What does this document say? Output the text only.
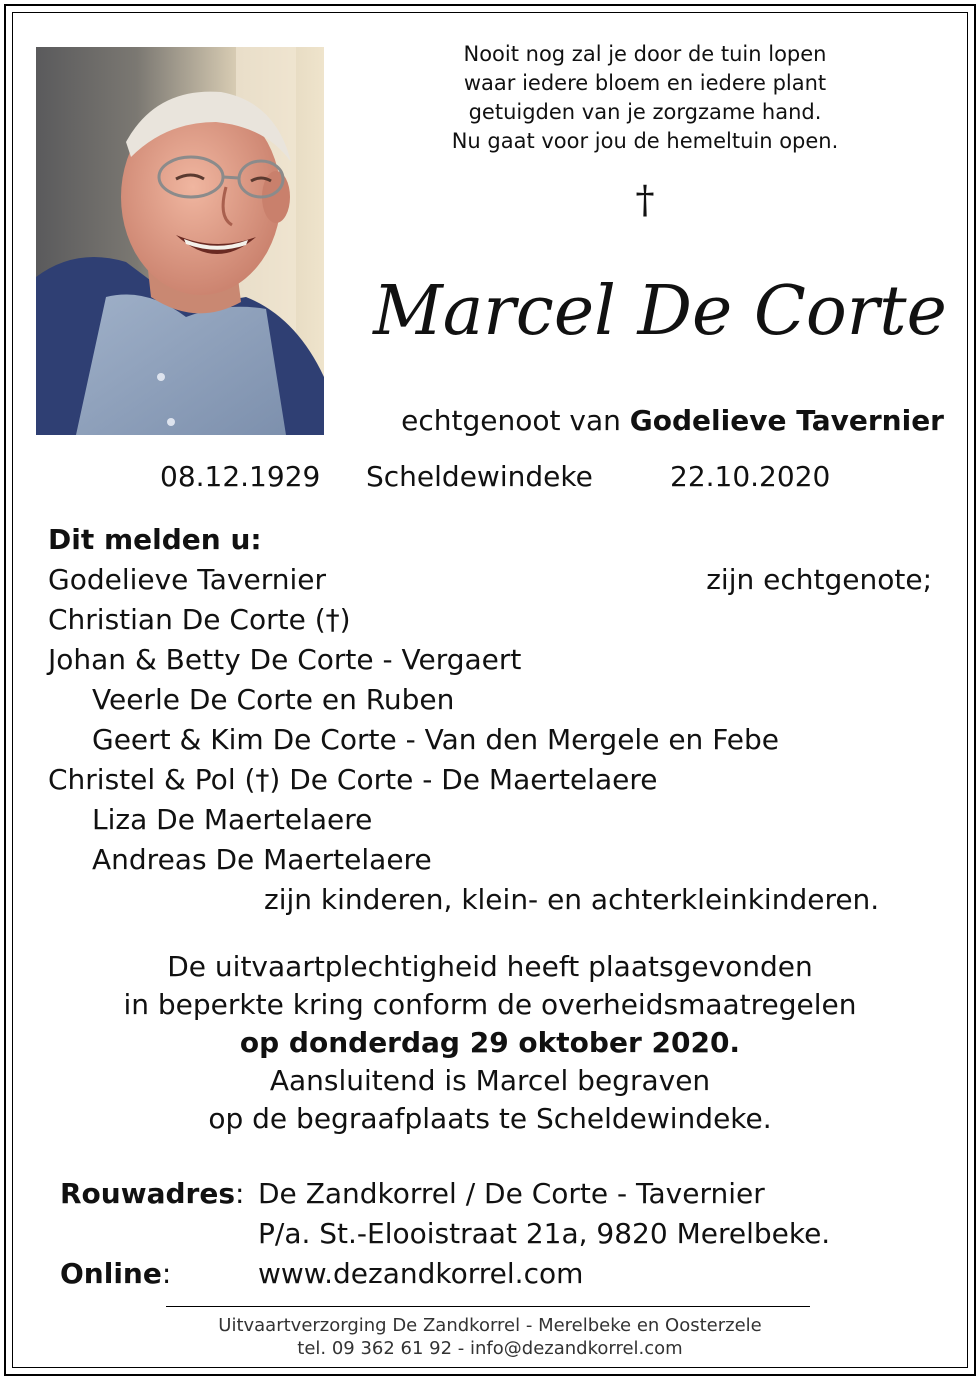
Nooit nog zal je door de tuin lopen
waar iedere bloem en iedere plant
getuigden van je zorgzame hand.
Nu gaat voor jou de hemeltuin open.
†
Marcel De Corte
echtgenoot van Godelieve Tavernier
08.12.1929 Scheldewindeke	22.10.2020
Dit melden u:
Godelieve Tavernier	zijn echtgenote;
Christian De Corte (†)
Johan & Betty De Corte - Vergaert
Veerle De Corte en Ruben
Geert & Kim De Corte - Van den Mergele en Febe
Christel & Pol (†) De Corte - De Maertelaere
Liza De Maertelaere
Andreas De Maertelaere
zijn kinderen, klein- en achterkleinkinderen.
De uitvaartplechtigheid heeft plaatsgevonden
in beperkte kring conform de overheidsmaatregelen
op donderdag 29 oktober 2020.
Aansluitend is Marcel begraven
op de begraafplaats te Scheldewindeke.
Rouwadres: De Zandkorrel / De Corte - Tavernier
P/a. St.-Elooistraat 21a, 9820 Merelbeke.
Online:	www.dezandkorrel.com
Uitvaartverzorging De Zandkorrel - Merelbeke en Oosterzele
tel. 09 362 61 92 - info@dezandkorrel.com
